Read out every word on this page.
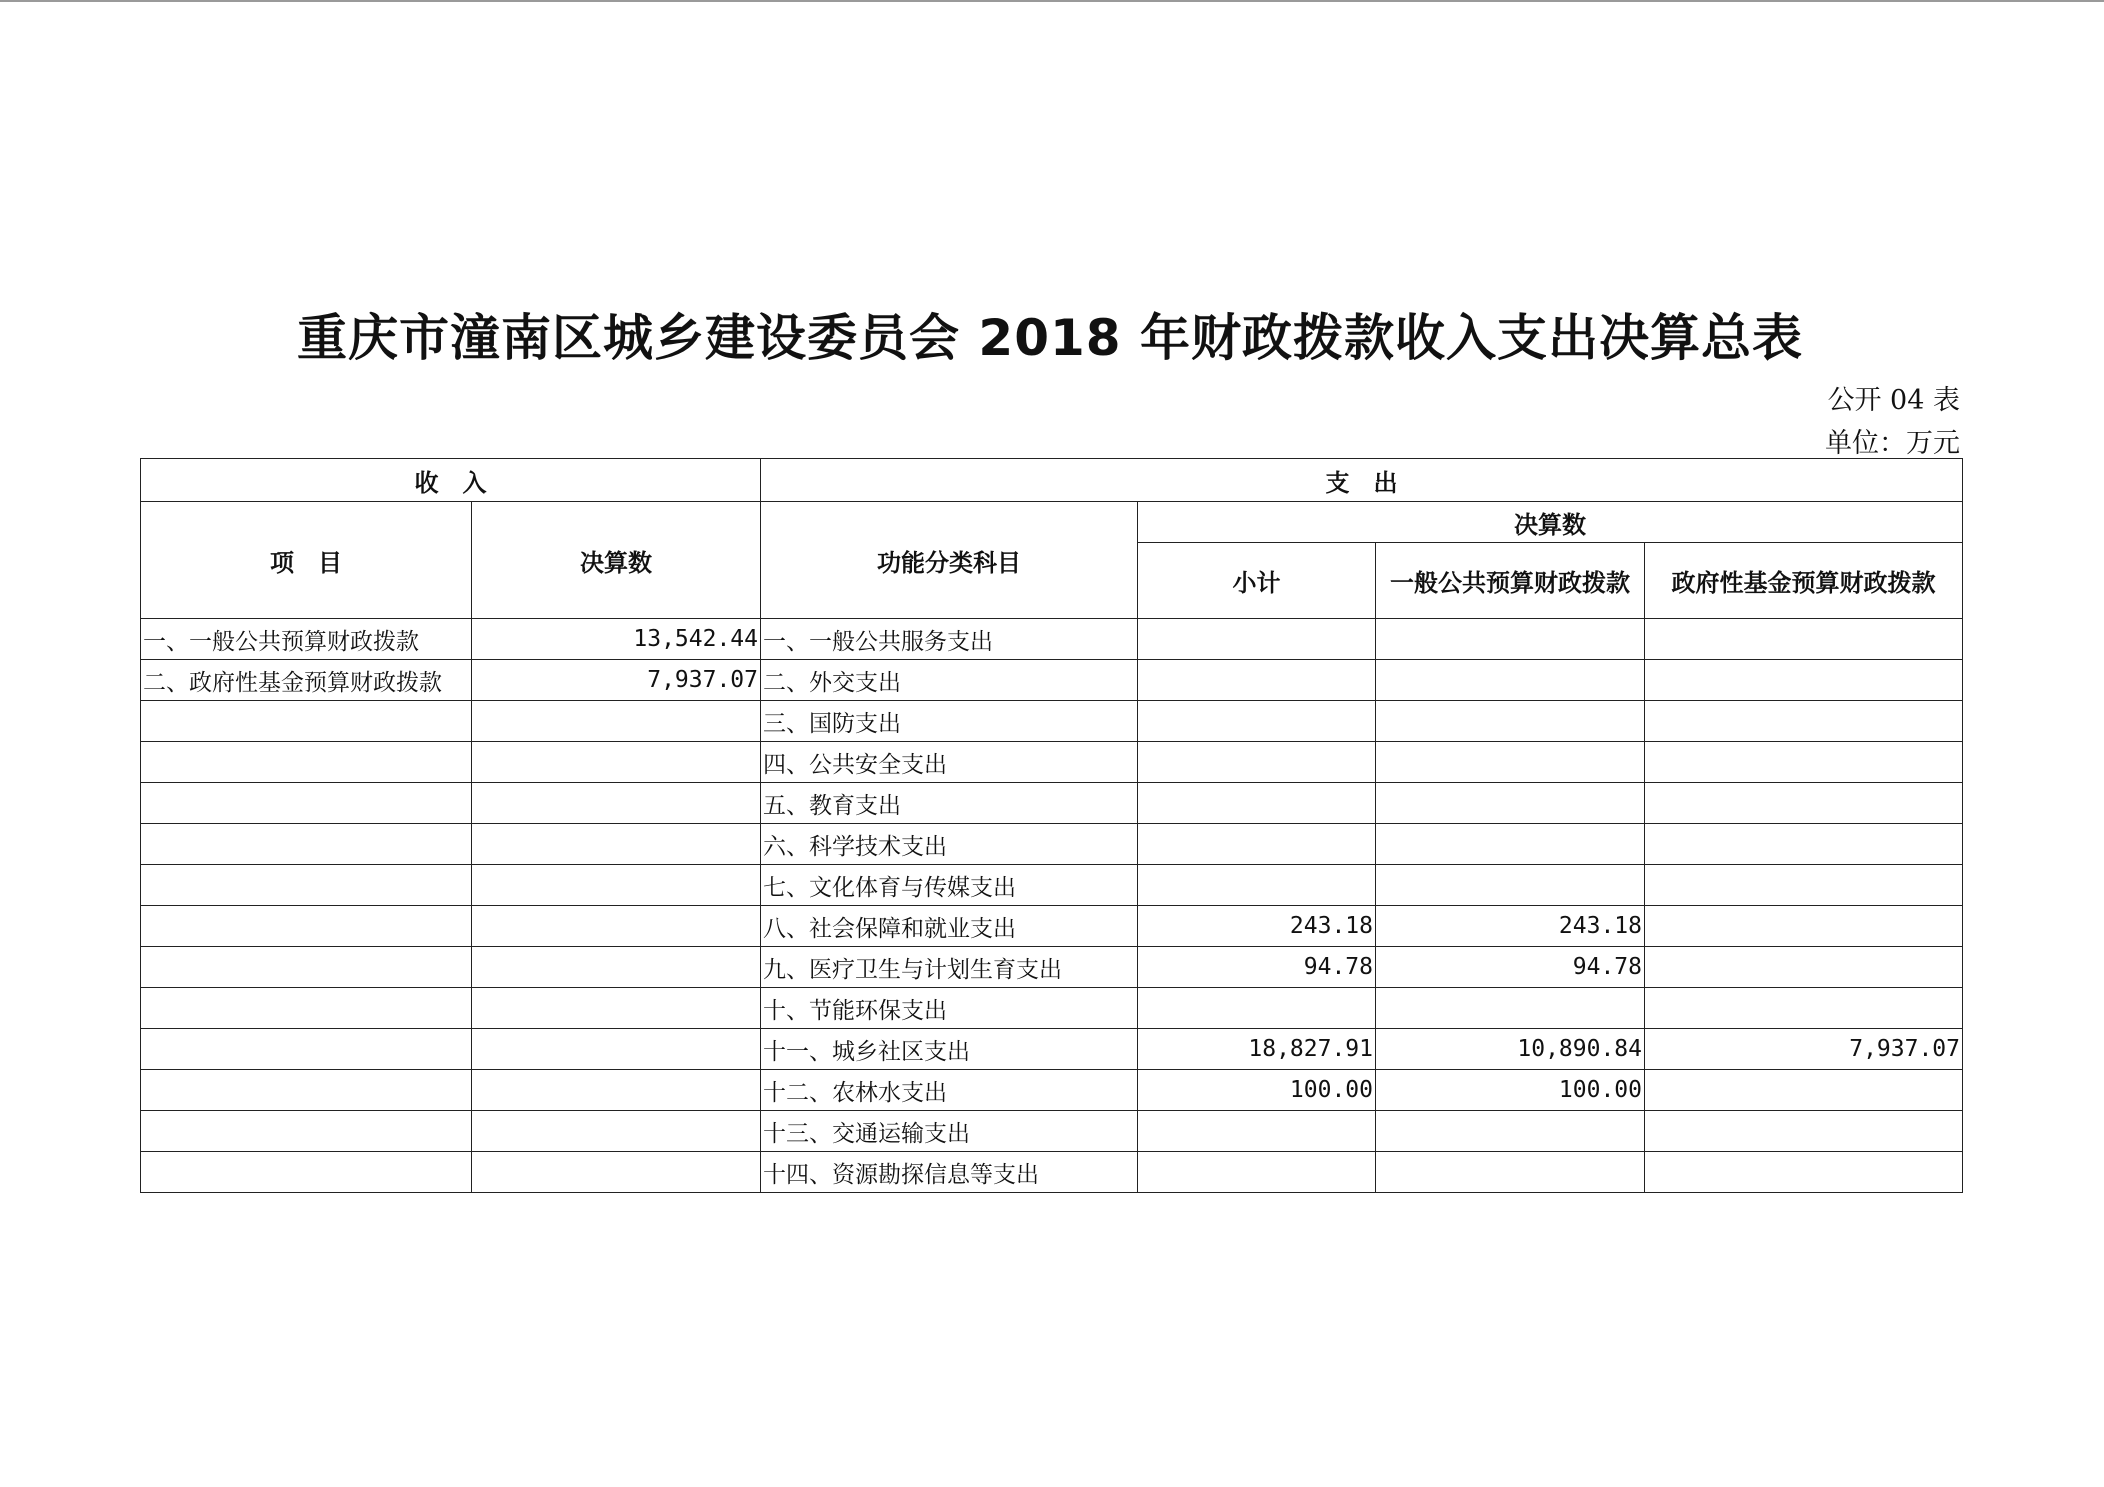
重庆市潼南区城乡建设委员会 2018 年财政拨款收入支出决算总表
公开 04 表
单位：万元
收　入		支　出			
项　目	决算数	功能分类科目	决算数		
			小计	一般公共预算财政拨款	政府性基金预算财政拨款
一、一般公共预算财政拨款	13,542.44	一、一般公共服务支出			
二、政府性基金预算财政拨款	7,937.07	二、外交支出			
		三、国防支出			
		四、公共安全支出			
		五、教育支出			
		六、科学技术支出			
		七、文化体育与传媒支出			
		八、社会保障和就业支出	243.18	243.18	
		九、医疗卫生与计划生育支出	94.78	94.78	
		十、节能环保支出			
		十一、城乡社区支出	18,827.91	10,890.84	7,937.07
		十二、农林水支出	100.00	100.00	
		十三、交通运输支出			
		十四、资源勘探信息等支出			
